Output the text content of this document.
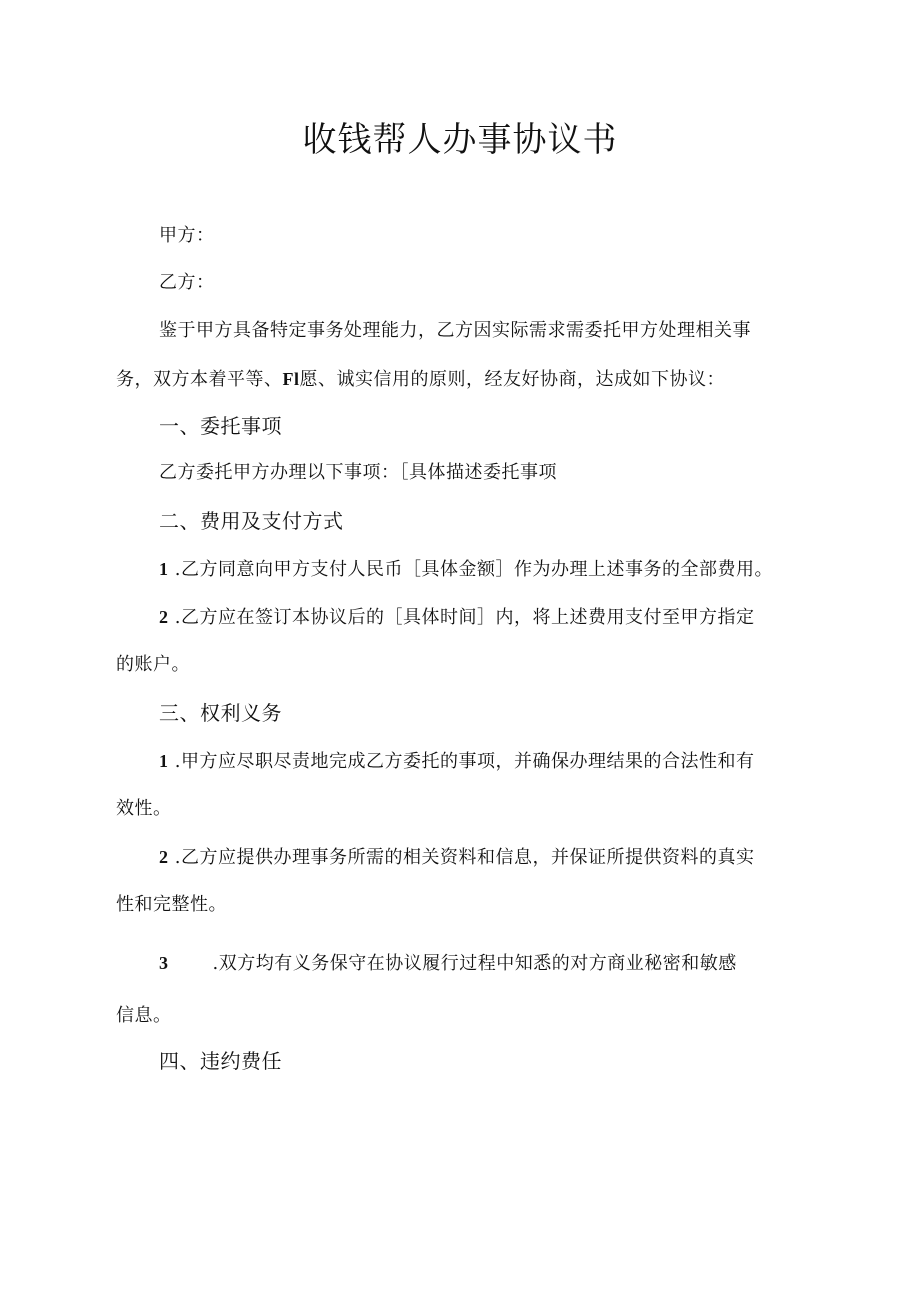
收钱帮人办事协议书
甲方：
乙方：
鉴于甲方具备特定事务处理能力，乙方因实际需求需委托甲方处理相关事
务，双方本着平等、Fl愿、诚实信用的原则，经友好协商，达成如下协议：
一、委托事项
乙方委托甲方办理以下事项：［具体描述委托事项
二、费用及支付方式
1 .乙方同意向甲方支付人民币［具体金额］作为办理上述事务的全部费用。
2 .乙方应在签订本协议后的［具体时间］内，将上述费用支付至甲方指定
的账户。
三、权利义务
1 .甲方应尽职尽责地完成乙方委托的事项，并确保办理结果的合法性和有
效性。
2 .乙方应提供办理事务所需的相关资料和信息，并保证所提供资料的真实
性和完整性。
3 .双方均有义务保守在协议履行过程中知悉的对方商业秘密和敏感
信息。
四、违约费任
